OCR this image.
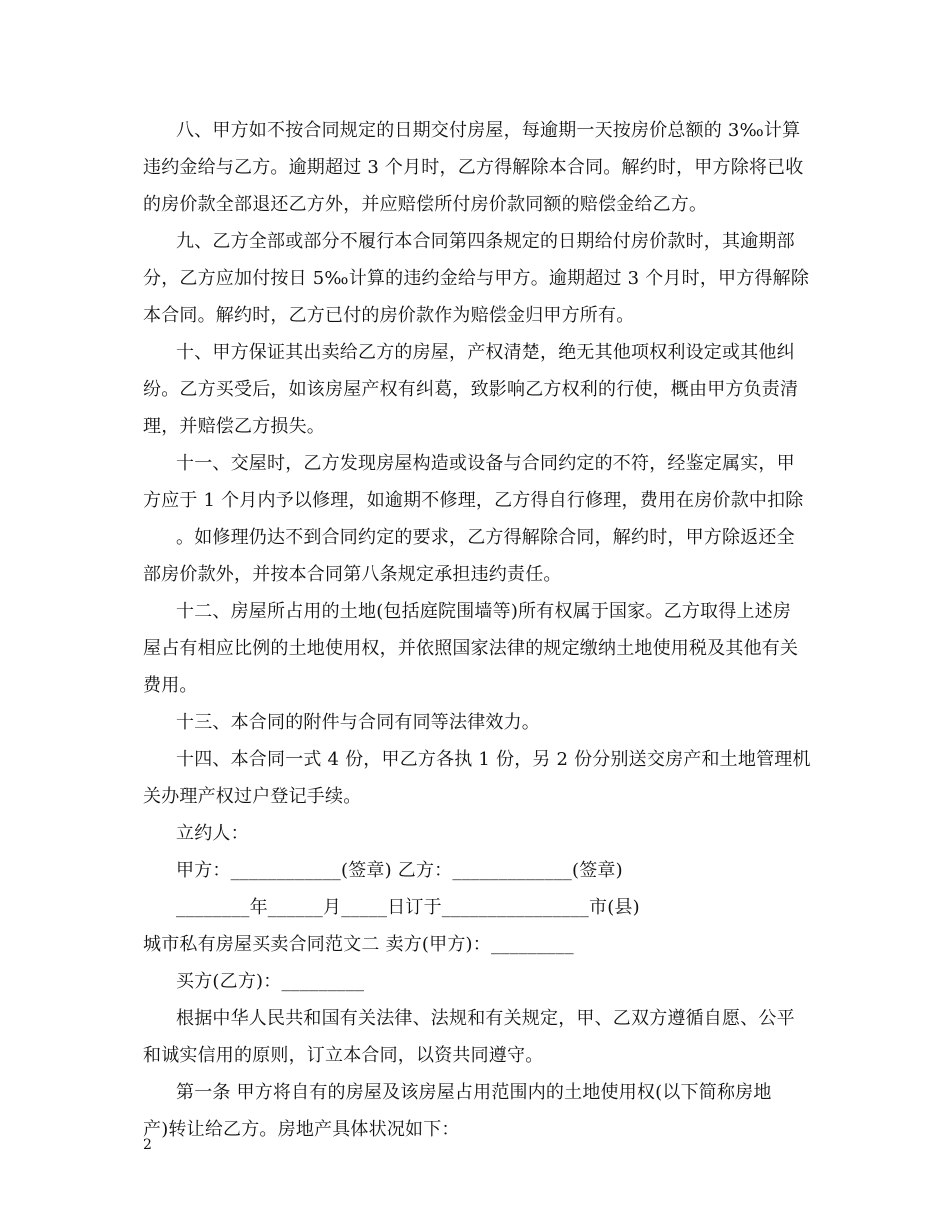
八、甲方如不按合同规定的日期交付房屋，每逾期一天按房价总额的 3‰计算
违约金给与乙方。逾期超过 3 个月时，乙方得解除本合同。解约时，甲方除将已收
的房价款全部退还乙方外，并应赔偿所付房价款同额的赔偿金给乙方。
九、乙方全部或部分不履行本合同第四条规定的日期给付房价款时，其逾期部
分，乙方应加付按日 5‰计算的违约金给与甲方。逾期超过 3 个月时，甲方得解除
本合同。解约时，乙方已付的房价款作为赔偿金归甲方所有。
十、甲方保证其出卖给乙方的房屋，产权清楚，绝无其他项权利设定或其他纠
纷。乙方买受后，如该房屋产权有纠葛，致影响乙方权利的行使，概由甲方负责清
理，并赔偿乙方损失。
十一、交屋时，乙方发现房屋构造或设备与合同约定的不符，经鉴定属实，甲
方应于 1 个月内予以修理，如逾期不修理，乙方得自行修理，费用在房价款中扣除
。如修理仍达不到合同约定的要求，乙方得解除合同，解约时，甲方除返还全
部房价款外，并按本合同第八条规定承担违约责任。
十二、房屋所占用的土地(包括庭院围墙等)所有权属于国家。乙方取得上述房
屋占有相应比例的土地使用权，并依照国家法律的规定缴纳土地使用税及其他有关
费用。
十三、本合同的附件与合同有同等法律效力。
十四、本合同一式 4 份，甲乙方各执 1 份，另 2 份分别送交房产和土地管理机
关办理产权过户登记手续。
立约人：
甲方：____________(签章) 乙方：_____________(签章)
________年______月_____日订于________________市(县)
城市私有房屋买卖合同范文二 卖方(甲方)：_________
买方(乙方)：_________
根据中华人民共和国有关法律、法规和有关规定，甲、乙双方遵循自愿、公平
和诚实信用的原则，订立本合同，以资共同遵守。
第一条 甲方将自有的房屋及该房屋占用范围内的土地使用权(以下简称房地
产)转让给乙方。房地产具体状况如下：
2
